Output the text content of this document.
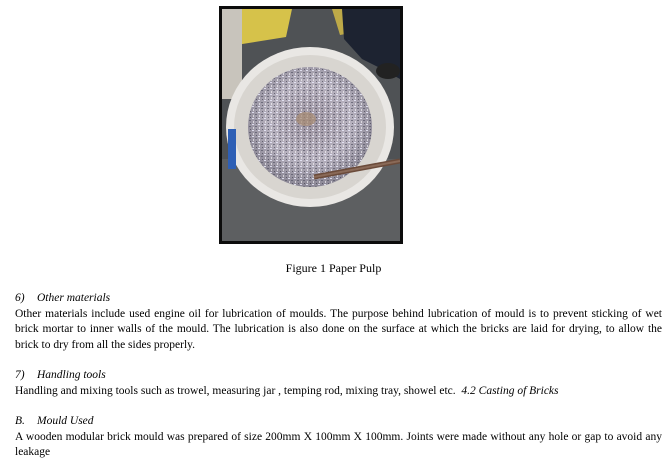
Figure 1 Paper Pulp
6) Other materials
Other materials include used engine oil for lubrication of moulds. The purpose behind lubrication of mould is to prevent sticking of wet brick mortar to inner walls of the mould. The lubrication is also done on the surface at which the bricks are laid for drying, to allow the brick to dry from all the sides properly.
7) Handling tools
Handling and mixing tools such as trowel, measuring jar , temping rod, mixing tray, showel etc. 4.2 Casting of Bricks
B. Mould Used
A wooden modular brick mould was prepared of size 200mm X 100mm X 100mm. Joints were made without any hole or gap to avoid any leakage
